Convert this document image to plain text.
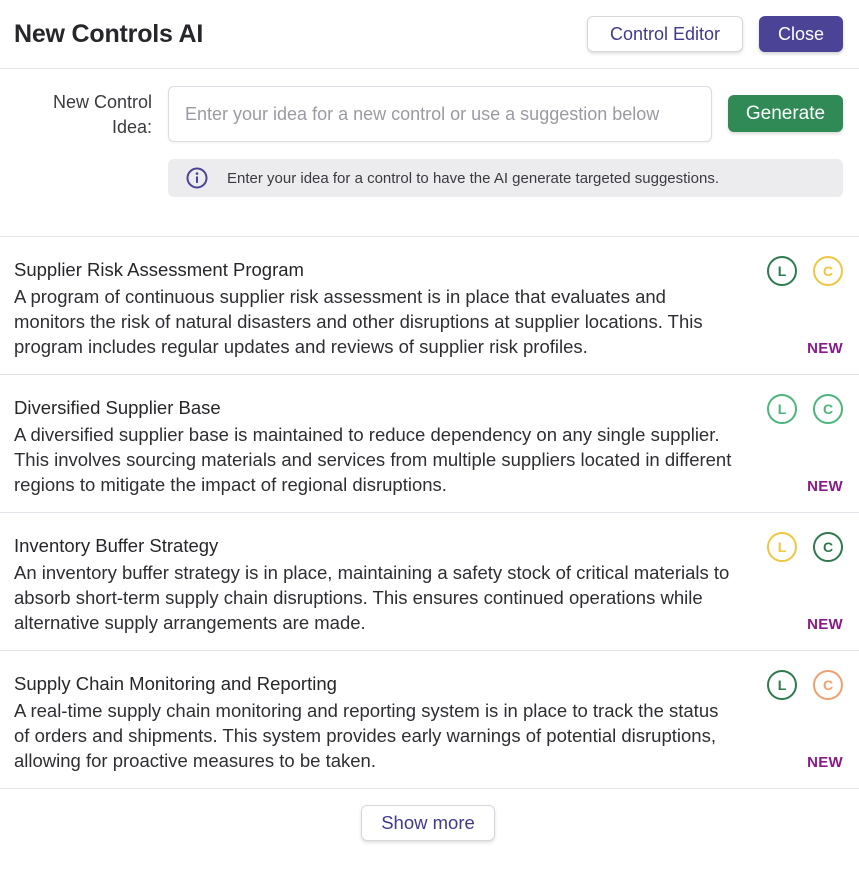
New Controls AI	Control Editor	Close
New Control Idea:
Enter your idea for a new control or use a suggestion below
Generate
Enter your idea for a control to have the AI generate targeted suggestions.
Supplier Risk Assessment Program
A program of continuous supplier risk assessment is in place that evaluates and monitors the risk of natural disasters and other disruptions at supplier locations. This program includes regular updates and reviews of supplier risk profiles.
L	C
NEW
Diversified Supplier Base
A diversified supplier base is maintained to reduce dependency on any single supplier. This involves sourcing materials and services from multiple suppliers located in different regions to mitigate the impact of regional disruptions.
L	C
NEW
Inventory Buffer Strategy
An inventory buffer strategy is in place, maintaining a safety stock of critical materials to absorb short-term supply chain disruptions. This ensures continued operations while alternative supply arrangements are made.
L	C
NEW
Supply Chain Monitoring and Reporting
A real-time supply chain monitoring and reporting system is in place to track the status of orders and shipments. This system provides early warnings of potential disruptions, allowing for proactive measures to be taken.
L	C
NEW
Show more
